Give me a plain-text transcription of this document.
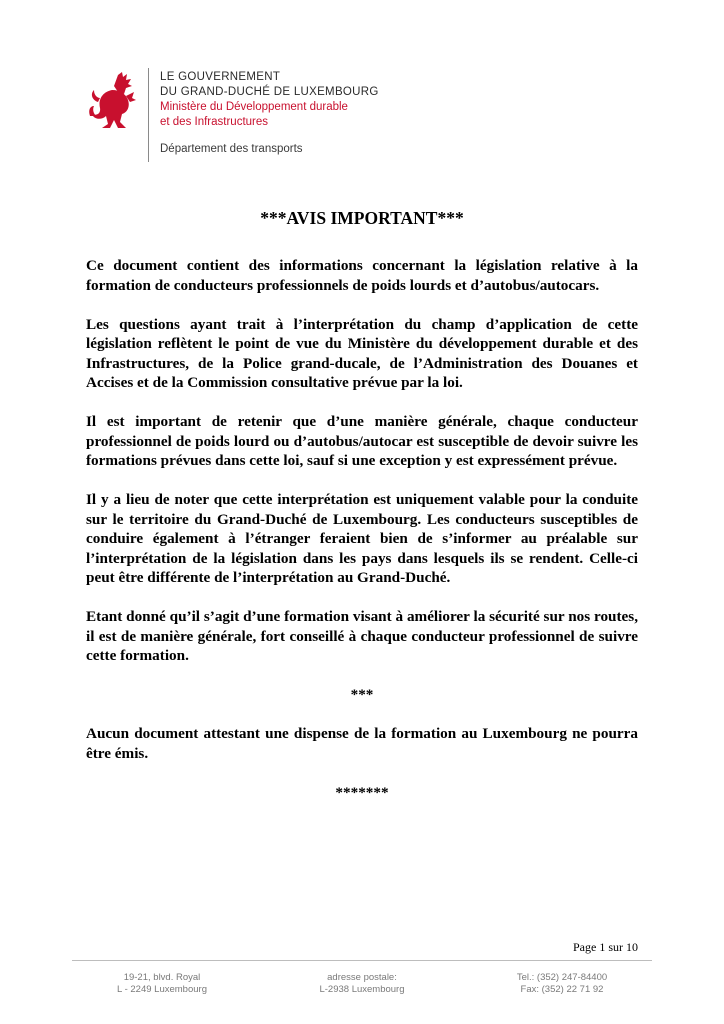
LE GOUVERNEMENT
DU GRAND-DUCHÉ DE LUXEMBOURG
Ministère du Développement durable
et des Infrastructures
Département des transports
***AVIS IMPORTANT***

Ce document contient des informations concernant la législation relative à la formation de conducteurs professionnels de poids lourds et d’autobus/autocars.

Les questions ayant trait à l’interprétation du champ d’application de cette législation reflètent le point de vue du Ministère du développement durable et des Infrastructures, de la Police grand-ducale, de l’Administration des Douanes et Accises et de la Commission consultative prévue par la loi.

Il est important de retenir que d’une manière générale, chaque conducteur professionnel de poids lourd ou d’autobus/autocar est susceptible de devoir suivre les formations prévues dans cette loi, sauf si une exception y est expressément prévue.

Il y a lieu de noter que cette interprétation est uniquement valable pour la conduite sur le territoire du Grand-Duché de Luxembourg. Les conducteurs susceptibles de conduire également à l’étranger feraient bien de s’informer au préalable sur l’interprétation de la législation dans les pays dans lesquels ils se rendent. Celle-ci peut être différente de l’interprétation au Grand-Duché.

Etant donné qu’il s’agit d’une formation visant à améliorer la sécurité sur nos routes, il est de manière générale, fort conseillé à chaque conducteur professionnel de suivre cette formation.

***

Aucun document attestant une dispense de la formation au Luxembourg ne pourra être émis.

*******
Page 1 sur 10
19-21, blvd. Royal
L - 2249 Luxembourg
adresse postale:
L-2938 Luxembourg
Tel.: (352) 247-84400
Fax: (352) 22 71 92
